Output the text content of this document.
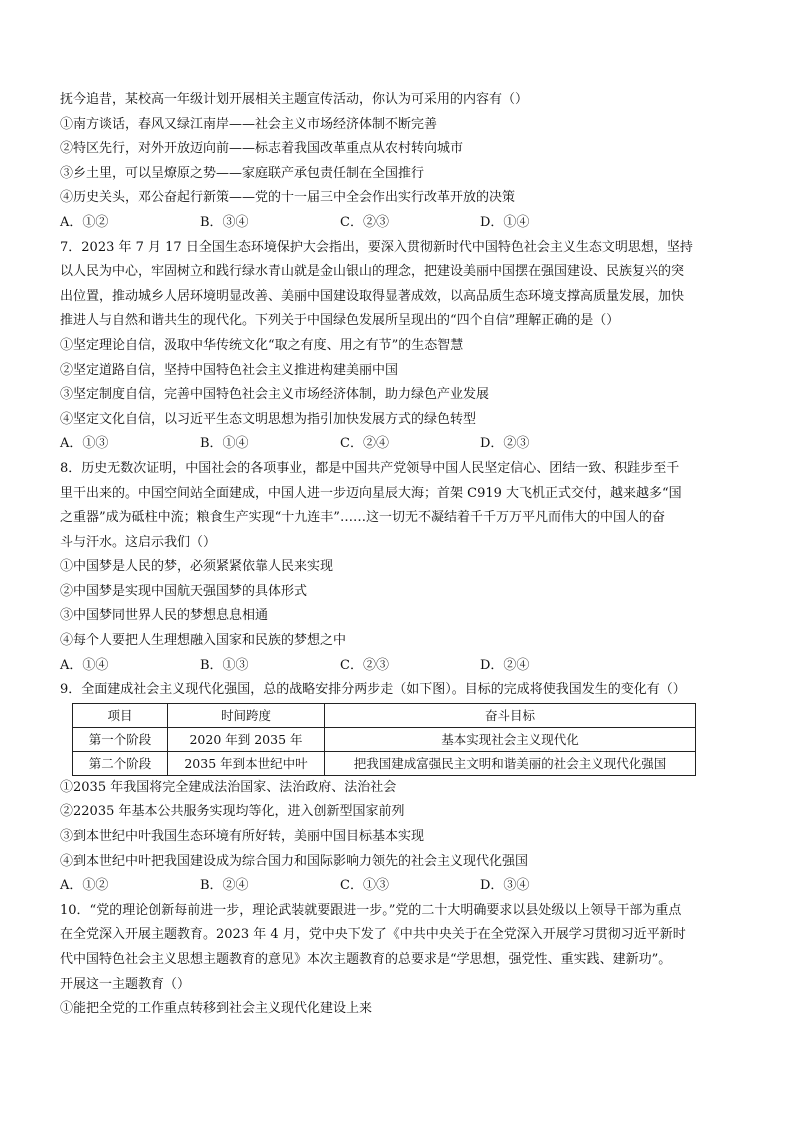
抚今追昔，某校高一年级计划开展相关主题宣传活动，你认为可采用的内容有（）
①南方谈话，春风又绿江南岸——社会主义市场经济体制不断完善
②特区先行，对外开放迈向前——标志着我国改革重点从农村转向城市
③乡土里，可以呈燎原之势——家庭联产承包责任制在全国推行
④历史关头，邓公奋起行新策——党的十一届三中全会作出实行改革开放的决策
A．①②	B．③④	C．②③	D．①④
7．2023 年 7 月 17 日全国生态环境保护大会指出，要深入贯彻新时代中国特色社会主义生态文明思想，坚持
以人民为中心，牢固树立和践行绿水青山就是金山银山的理念，把建设美丽中国摆在强国建设、民族复兴的突
出位置，推动城乡人居环境明显改善、美丽中国建设取得显著成效，以高品质生态环境支撑高质量发展，加快
推进人与自然和谐共生的现代化。下列关于中国绿色发展所呈现出的“四个自信”理解正确的是（）
①坚定理论自信，汲取中华传统文化“取之有度、用之有节”的生态智慧
②坚定道路自信，坚持中国特色社会主义推进构建美丽中国
③坚定制度自信，完善中国特色社会主义市场经济体制，助力绿色产业发展
④坚定文化自信，以习近平生态文明思想为指引加快发展方式的绿色转型
A．①③	B．①④	C．②④	D．②③
8．历史无数次证明，中国社会的各项事业，都是中国共产党领导中国人民坚定信心、团结一致、积跬步至千
里干出来的。中国空间站全面建成，中国人进一步迈向星辰大海；首架 C919 大飞机正式交付，越来越多“国
之重器”成为砥柱中流；粮食生产实现“十九连丰”……这一切无不凝结着千千万万平凡而伟大的中国人的奋
斗与汗水。这启示我们（）
①中国梦是人民的梦，必须紧紧依靠人民来实现
②中国梦是实现中国航天强国梦的具体形式
③中国梦同世界人民的梦想息息相通
④每个人要把人生理想融入国家和民族的梦想之中
A．①④	B．①③	C．②③	D．②④
9．全面建成社会主义现代化强国，总的战略安排分两步走（如下图）。目标的完成将使我国发生的变化有（）
项目	时间跨度	奋斗目标
第一个阶段	2020 年到 2035 年	基本实现社会主义现代化
第二个阶段	2035 年到本世纪中叶	把我国建成富强民主文明和谐美丽的社会主义现代化强国
①2035 年我国将完全建成法治国家、法治政府、法治社会
②22035 年基本公共服务实现均等化，进入创新型国家前列
③到本世纪中叶我国生态环境有所好转，美丽中国目标基本实现
④到本世纪中叶把我国建设成为综合国力和国际影响力领先的社会主义现代化强国
A．①②	B．②④	C．①③	D．③④
10．“党的理论创新每前进一步，理论武装就要跟进一步。”党的二十大明确要求以县处级以上领导干部为重点
在全党深入开展主题教育。2023 年 4 月，党中央下发了《中共中央关于在全党深入开展学习贯彻习近平新时
代中国特色社会主义思想主题教育的意见》本次主题教育的总要求是“学思想，强党性、重实践、建新功”。
开展这一主题教育（）
①能把全党的工作重点转移到社会主义现代化建设上来
